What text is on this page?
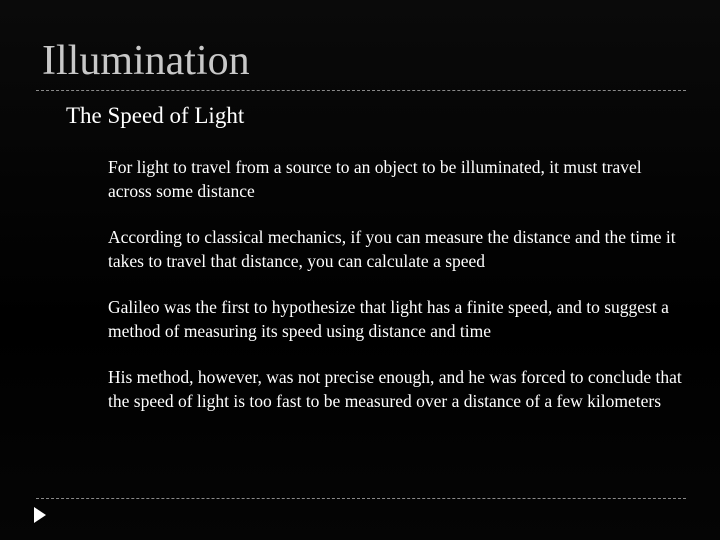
Illumination
The Speed of Light
For light to travel from a source to an object to be illuminated, it must travel across some distance
According to classical mechanics, if you can measure the distance and the time it takes to travel that distance, you can calculate a speed
Galileo was the first to hypothesize that light has a finite speed, and to suggest a method of measuring its speed using distance and time
His method, however, was not precise enough, and he was forced to conclude that the speed of light is too fast to be measured over a distance of a few kilometers
